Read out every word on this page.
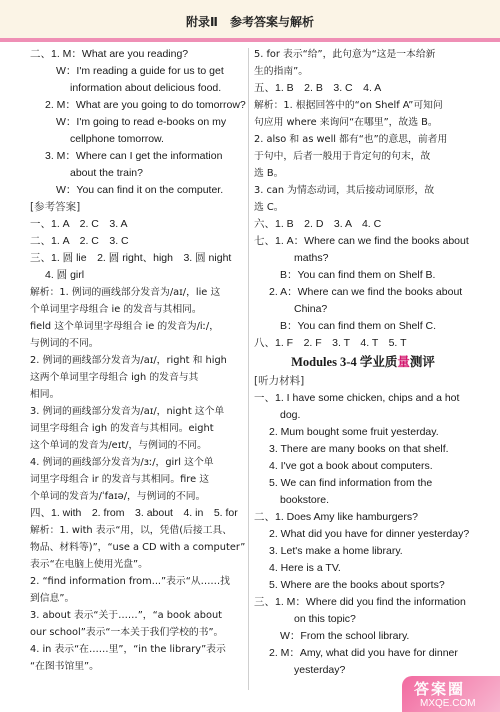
附录Ⅱ　参考答案与解析
二、1. M：What are you reading?
W：I'm reading a guide for us to get
information about delicious food.
2. M：What are you going to do tomorrow?
W：I'm going to read e-books on my
cellphone tomorrow.
3. M：Where can I get the information
about the train?
W：You can find it on the computer.
[参考答案]
一、1. A　2. C　3. A
二、1. A　2. C　3. C
三、1. 圆 lie　2. 圆 right、high　3. 圆 night
4. 圆 girl
解析：1. 例词的画线部分发音为/aɪ/，lie 这
个单词里字母组合 ie 的发音与其相同。
field 这个单词里字母组合 ie 的发音为/iː/，
与例词的不同。
2. 例词的画线部分发音为/aɪ/，right 和 high
这两个单词里字母组合 igh 的发音与其
相同。
3. 例词的画线部分发音为/aɪ/，night 这个单
词里字母组合 igh 的发音与其相同。eight
这个单词的发音为/eɪt/，与例词的不同。
4. 例词的画线部分发音为/ɜː/，girl 这个单
词里字母组合 ir 的发音与其相同。fire 这
个单词的发音为/ˈfaɪə/，与例词的不同。
四、1. with　2. from　3. about　4. in　5. for
解析：1. with 表示“用，以，凭借(后接工具、
物品、材料等)”，“use a CD with a computer”
表示“在电脑上使用光盘”。
2. “find information from...”表示“从……找
到信息”。
3. about 表示“关于……”，“a book about
our school”表示“一本关于我们学校的书”。
4. in 表示“在……里”，“in the library”表示
“在图书馆里”。
5. for 表示“给”，此句意为“这是一本给新
生的指南”。
五、1. B　2. B　3. C　4. A
解析：1. 根据回答中的“on Shelf A”可知问
句应用 where 来询问“在哪里”，故选 B。
2. also 和 as well 都有“也”的意思，前者用
于句中，后者一般用于肯定句的句末，故
选 B。
3. can 为情态动词，其后接动词原形，故
选 C。
六、1. B　2. D　3. A　4. C
七、1. A：Where can we find the books about
maths?
B：You can find them on Shelf B.
2. A：Where can we find the books about
China?
B：You can find them on Shelf C.
八、1. F　2. F　3. T　4. T　5. T
Modules 3-4 学业质量测评
[听力材料]
一、1. I have some chicken, chips and a hot
dog.
2. Mum bought some fruit yesterday.
3. There are many books on that shelf.
4. I've got a book about computers.
5. We can find information from the
bookstore.
二、1. Does Amy like hamburgers?
2. What did you have for dinner yesterday?
3. Let's make a home library.
4. Here is a TV.
5. Where are the books about sports?
三、1. M：Where did you find the information
on this topic?
W：From the school library.
2. M：Amy, what did you have for dinner
yesterday?
答案圈
MXQE.COM
